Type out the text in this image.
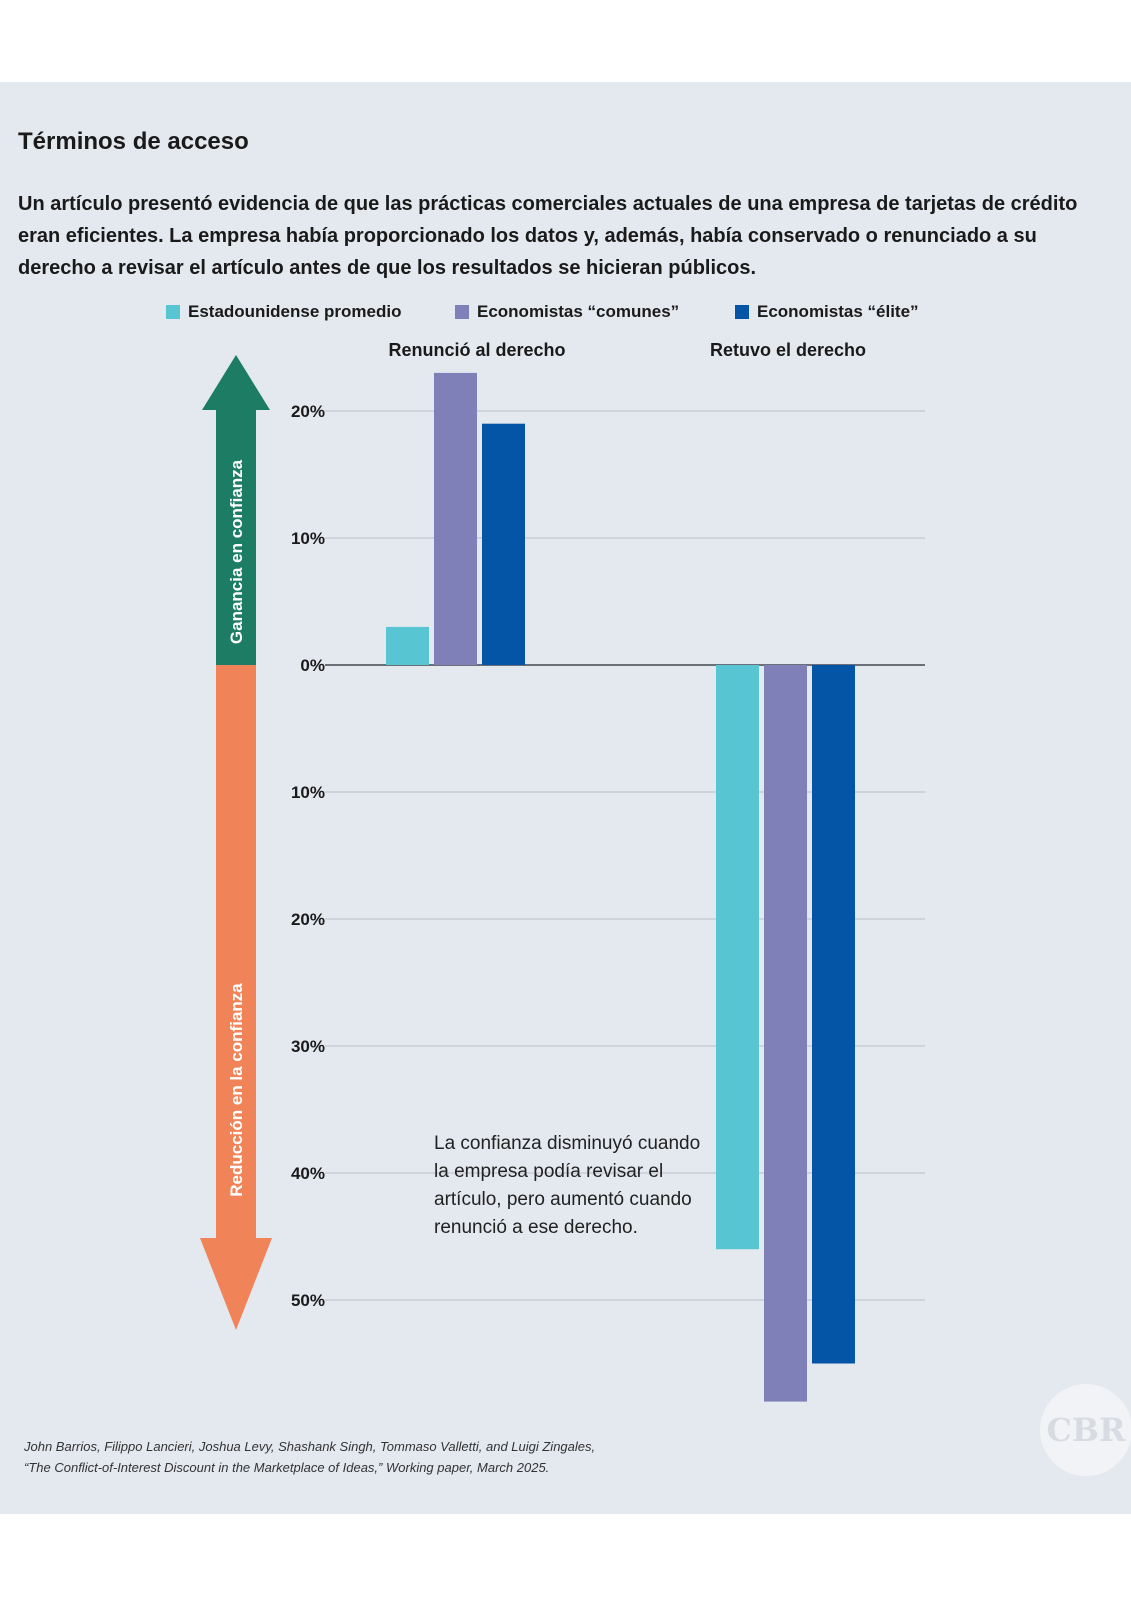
Términos de acceso

Un artículo presentó evidencia de que las prácticas comerciales actuales de una empresa de tarjetas de crédito eran eficientes. La empresa había proporcionado los datos y, además, había conservado o renunciado a su derecho a revisar el artículo antes de que los resultados se hicieran públicos.

Estadounidense promedio	Economistas “comunes”	Economistas “élite”
Renunció al derecho	Retuvo el derecho
20%
10%
0%
10%
20%
30%
40%
50%
Ganancia en confianza
Reducción en la confianza	La confianza disminuyó cuando la empresa podía revisar el artículo, pero aumentó cuando renunció a ese derecho.

John Barrios, Filippo Lancieri, Joshua Levy, Shashank Singh, Tommaso Valletti, and Luigi Zingales,
“The Conflict-of-Interest Discount in the Marketplace of Ideas,” Working paper, March 2025.

CBR
